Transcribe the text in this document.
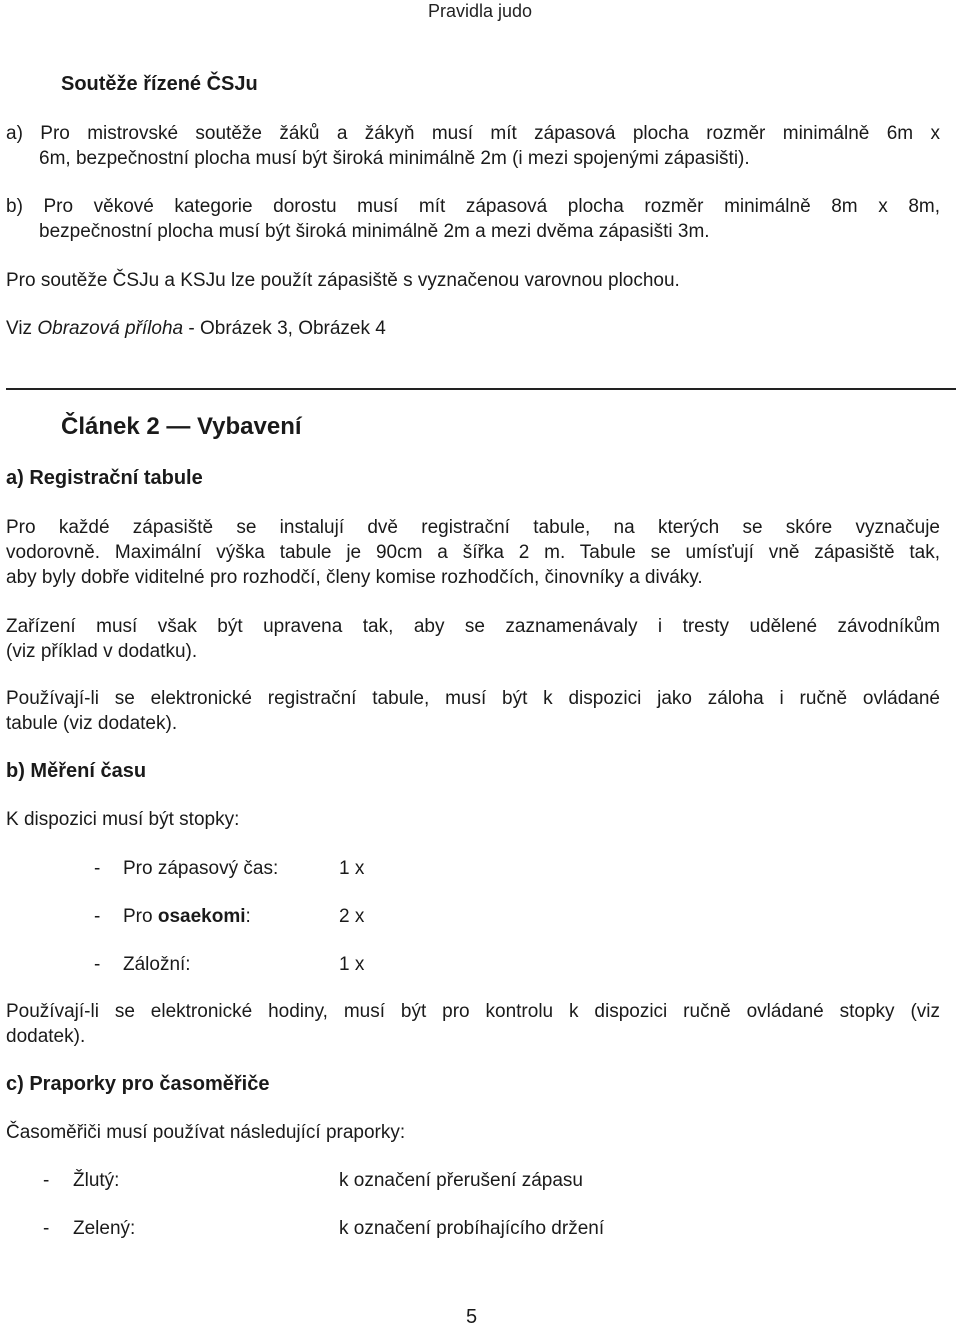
Pravidla judo
Soutěže řízené ČSJu
a) Pro mistrovské soutěže žáků a žákyň musí mít zápasová plocha rozměr minimálně 6m x
6m, bezpečnostní plocha musí být široká minimálně 2m (i mezi spojenými zápasišti).
b) Pro věkové kategorie dorostu musí mít zápasová plocha rozměr minimálně 8m x 8m,
bezpečnostní plocha musí být široká minimálně 2m a mezi dvěma zápasišti 3m.
Pro soutěže ČSJu a KSJu lze použít zápasiště s vyznačenou varovnou plochou.
Viz Obrazová příloha - Obrázek 3, Obrázek 4
Článek 2 — Vybavení
a) Registrační tabule
Pro každé zápasiště se instalují dvě registrační tabule, na kterých se skóre vyznačuje
vodorovně. Maximální výška tabule je 90cm a šířka 2 m. Tabule se umísťují vně zápasiště tak,
aby byly dobře viditelné pro rozhodčí, členy komise rozhodčích, činovníky a diváky.
Zařízení musí však být upravena tak, aby se zaznamenávaly i tresty udělené závodníkům
(viz příklad v dodatku).
Používají-li se elektronické registrační tabule, musí být k dispozici jako záloha i ručně ovládané
tabule (viz dodatek).
b) Měření času
K dispozici musí být stopky:
- Pro zápasový čas:	1 x
- Pro osaekomi:	2 x
- Záložní:	1 x
Používají-li se elektronické hodiny, musí být pro kontrolu k dispozici ručně ovládané stopky (viz
dodatek).
c) Praporky pro časoměřiče
Časoměřiči musí používat následující praporky:
- Žlutý:	k označení přerušení zápasu
- Zelený:	k označení probíhajícího držení
5
